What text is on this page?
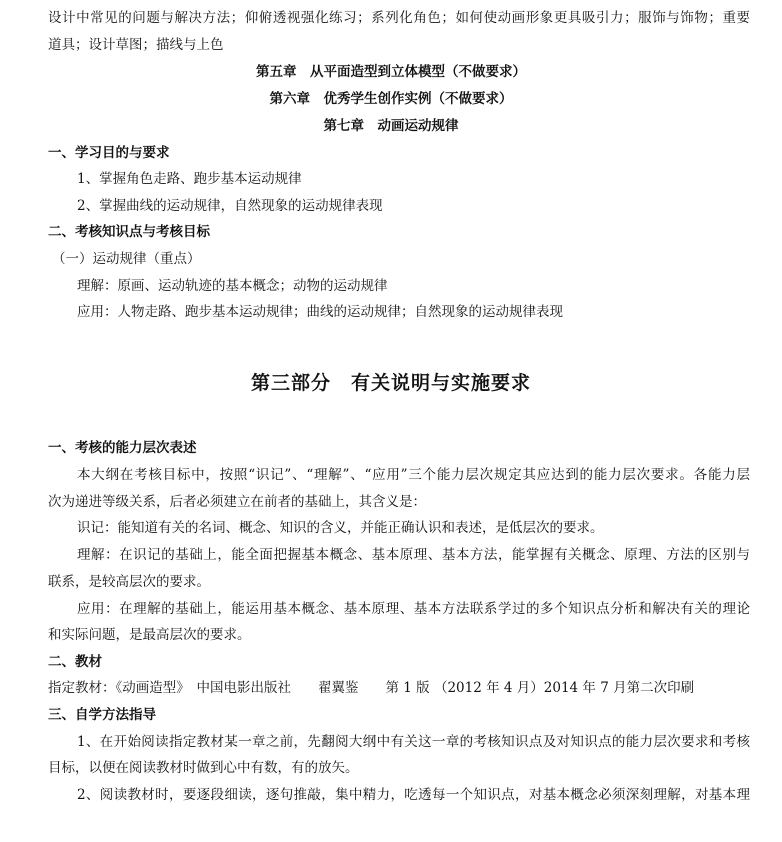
设计中常见的问题与解决方法；仰俯透视强化练习；系列化角色；如何使动画形象更具吸引力；服饰与饰物；重要
道具；设计草图；描线与上色
第五章　从平面造型到立体模型（不做要求）
第六章　优秀学生创作实例（不做要求）
第七章　动画运动规律
一、学习目的与要求
1、掌握角色走路、跑步基本运动规律
2、掌握曲线的运动规律，自然现象的运动规律表现
二、考核知识点与考核目标
（一）运动规律（重点）
理解：原画、运动轨迹的基本概念；动物的运动规律
应用：人物走路、跑步基本运动规律；曲线的运动规律；自然现象的运动规律表现
第三部分　有关说明与实施要求
一、考核的能力层次表述
本大纲在考核目标中，按照“识记”、“理解”、“应用”三个能力层次规定其应达到的能力层次要求。各能力层
次为递进等级关系，后者必须建立在前者的基础上，其含义是：
识记：能知道有关的名词、概念、知识的含义，并能正确认识和表述，是低层次的要求。
理解：在识记的基础上，能全面把握基本概念、基本原理、基本方法，能掌握有关概念、原理、方法的区别与
联系，是较高层次的要求。
应用：在理解的基础上，能运用基本概念、基本原理、基本方法联系学过的多个知识点分析和解决有关的理论
和实际问题，是最高层次的要求。
二、教材
指定教材：《动画造型》　中国电影出版社　　翟翼鉴　　第 1 版 （2012 年 4 月）2014 年 7 月第二次印刷
三、自学方法指导
1、在开始阅读指定教材某一章之前，先翻阅大纲中有关这一章的考核知识点及对知识点的能力层次要求和考核
目标，以便在阅读教材时做到心中有数，有的放矢。
2、阅读教材时，要逐段细读，逐句推敲，集中精力，吃透每一个知识点，对基本概念必须深刻理解，对基本理
